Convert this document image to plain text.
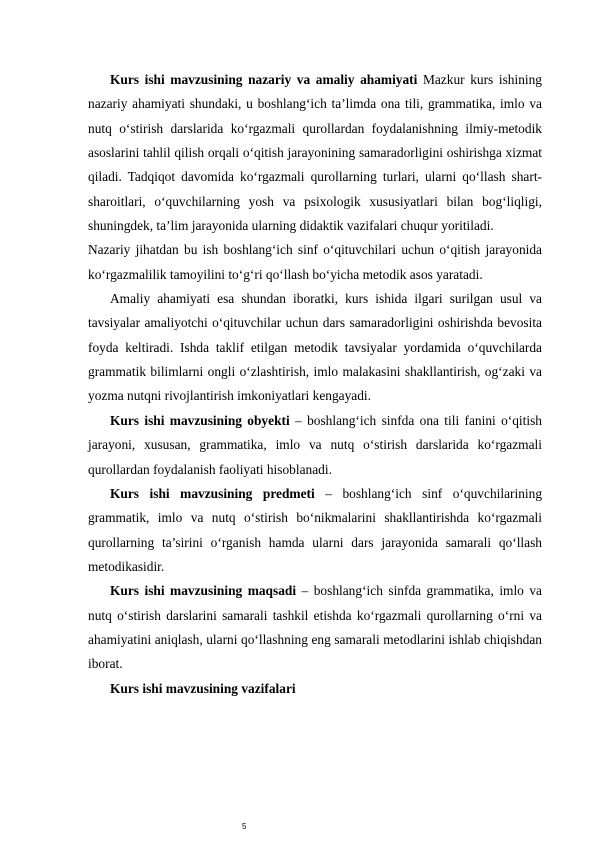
Kurs ishi mavzusining nazariy va amaliy ahamiyati Mazkur kurs ishining nazariy ahamiyati shundaki, u boshlang‘ich ta’limda ona tili, grammatika, imlo va nutq o‘stirish darslarida ko‘rgazmali qurollardan foydalanishning ilmiy-metodik asoslarini tahlil qilish orqali o‘qitish jarayonining samaradorligini oshirishga xizmat qiladi. Tadqiqot davomida ko‘rgazmali qurollarning turlari, ularni qo‘llash shart-sharoitlari, o‘quvchilarning yosh va psixologik xususiyatlari bilan bog‘liqligi, shuningdek, ta’lim jarayonida ularning didaktik vazifalari chuqur yoritiladi.

Nazariy jihatdan bu ish boshlang‘ich sinf o‘qituvchilari uchun o‘qitish jarayonida ko‘rgazmalilik tamoyilini to‘g‘ri qo‘llash bo‘yicha metodik asos yaratadi.

Amaliy ahamiyati esa shundan iboratki, kurs ishida ilgari surilgan usul va tavsiyalar amaliyotchi o‘qituvchilar uchun dars samaradorligini oshirishda bevosita foyda keltiradi. Ishda taklif etilgan metodik tavsiyalar yordamida o‘quvchilarda grammatik bilimlarni ongli o‘zlashtirish, imlo malakasini shakllantirish, og‘zaki va yozma nutqni rivojlantirish imkoniyatlari kengayadi.

Kurs ishi mavzusining obyekti – boshlang‘ich sinfda ona tili fanini o‘qitish jarayoni, xususan, grammatika, imlo va nutq o‘stirish darslarida ko‘rgazmali qurollardan foydalanish faoliyati hisoblanadi.

Kurs ishi mavzusining predmeti – boshlang‘ich sinf o‘quvchilarining grammatik, imlo va nutq o‘stirish bo‘nikmalarini shakllantirishda ko‘rgazmali qurollarning ta’sirini o‘rganish hamda ularni dars jarayonida samarali qo‘llash metodikasidir.

Kurs ishi mavzusining maqsadi – boshlang‘ich sinfda grammatika, imlo va nutq o‘stirish darslarini samarali tashkil etishda ko‘rgazmali qurollarning o‘rni va ahamiyatini aniqlash, ularni qo‘llashning eng samarali metodlarini ishlab chiqishdan iborat.

Kurs ishi mavzusining vazifalari

5
